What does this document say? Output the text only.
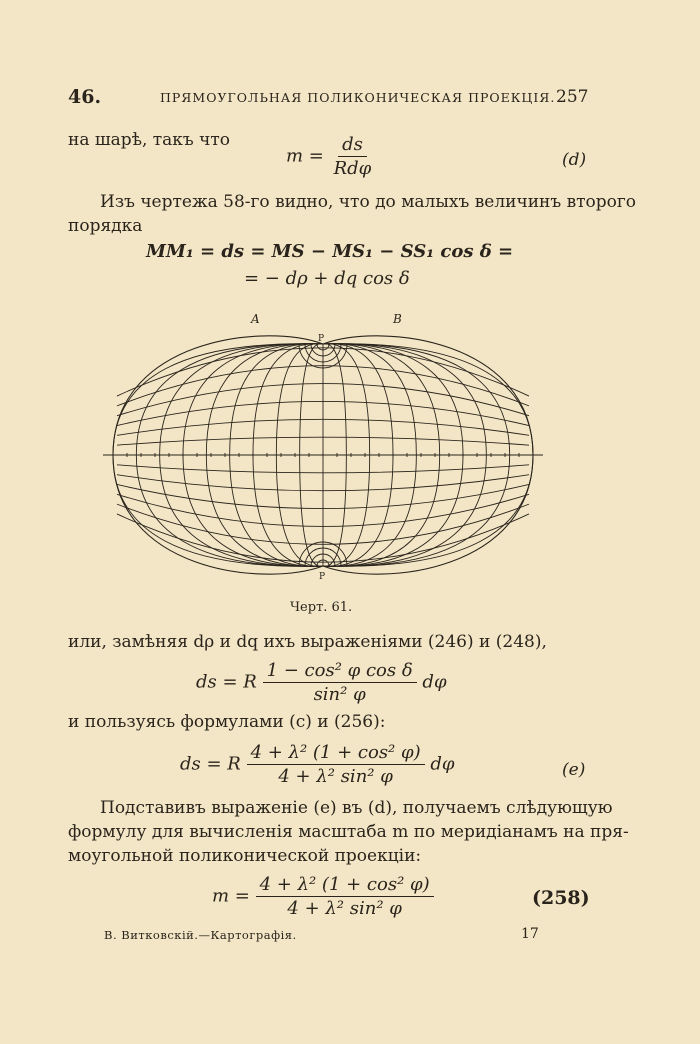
46.	ПРЯМОУГОЛЬНАЯ ПОЛИКОНИЧЕСКАЯ ПРОЕКЦІЯ. 257
на шарѣ, такъ что
$m = \frac{ds}{\text{Rdφ}}$	(d)
Изъ чертежа 58-го видно, что до малыхъ величинъ второго
порядка
MM₁ = ds = MS − MS₁ − SS₁ cos δ =
= − dρ + dq cos δ
A	B
P
P
Черт. 61.
или, замѣняя dρ и dq ихъ выраженіями (246) и (248),
ds = R $\frac{\text{1 − cos² φ cos δ}}{\text{sin² φ}}$ dφ
и пользуясь формулами (c) и (256):
ds = R $\frac{\text{4 + λ² (1 + cos² φ)}}{\text{4 + λ² sin² φ}}$ dφ	(e)
Подставивъ выраженіе (e) въ (d), получаемъ слѣдующую
формулу для вычисленія масштаба m по меридіанамъ на пря-
моугольной поликонической проекціи:
$m = \frac{\text{4 + λ² (1 + cos² φ)}}{\text{4 + λ² sin² φ}}$	(258)
В. Витковскій.—Картографія.	17
